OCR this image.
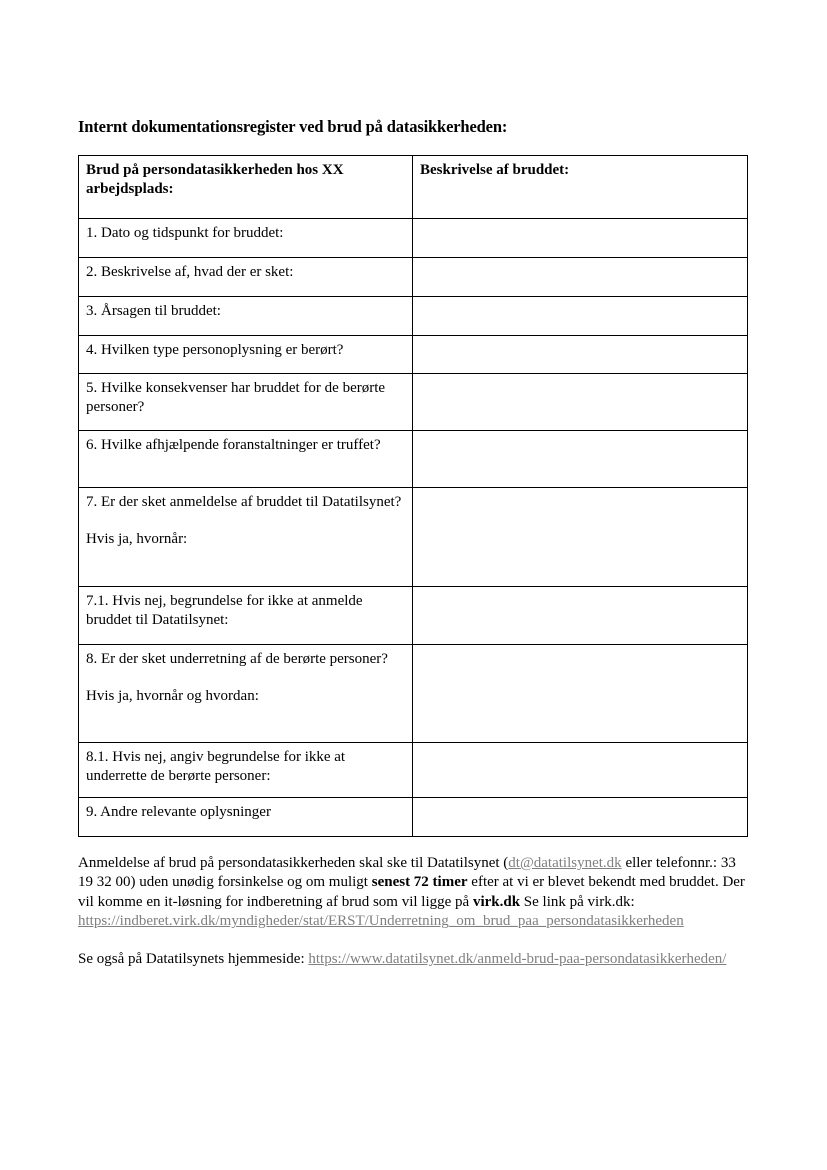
Internt dokumentationsregister ved brud på datasikkerheden:
Brud på persondatasikkerheden hos XX arbejdsplads:	Beskrivelse af bruddet:
1. Dato og tidspunkt for bruddet:	
2. Beskrivelse af, hvad der er sket:	
3. Årsagen til bruddet:	
4. Hvilken type personoplysning er berørt?	
5. Hvilke konsekvenser har bruddet for de berørte personer?	
6. Hvilke afhjælpende foranstaltninger er truffet?	

7. Er der sket anmeldelse af bruddet til Datatilsynet?
Hvis ja, hvornår:	

7.1. Hvis nej, begrundelse for ikke at anmelde bruddet til Datatilsynet:	

8. Er der sket underretning af de berørte personer?
Hvis ja, hvornår og hvordan:	

8.1. Hvis nej, angiv begrundelse for ikke at underrette de berørte personer:	
9. Andre relevante oplysninger	

Anmeldelse af brud på persondatasikkerheden skal ske til Datatilsynet (dt@datatilsynet.dk eller telefonnr.: 33 19 32 00) uden unødig forsinkelse og om muligt senest 72 timer efter at vi er blevet bekendt med bruddet. Der vil komme en it-løsning for indberetning af brud som vil ligge på virk.dk Se link på virk.dk:
https://indberet.virk.dk/myndigheder/stat/ERST/Underretning_om_brud_paa_persondatasikkerheden

Se også på Datatilsynets hjemmeside: https://www.datatilsynet.dk/anmeld-brud-paa-persondatasikkerheden/
